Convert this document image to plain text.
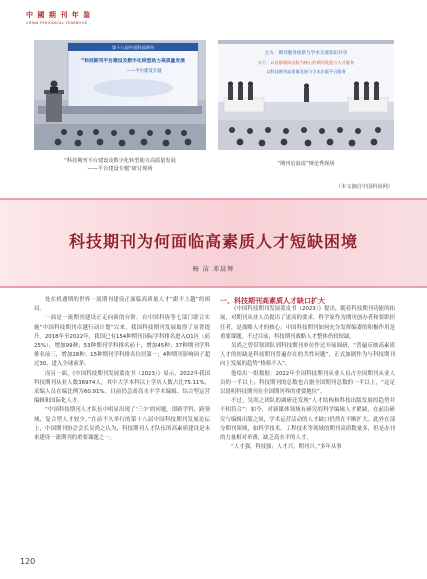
中 國 期 刊 年 鉴
CHINA PERIODICAL YEARBOOK
第十八届中国科技期刊
“科技期刊平台建设及数字化转型助力高质量发展
——平台建设专题
主方：期刊服务创新与学术交流知识共享
实力：以首都新闻出版为核心的期刊发展与人才服务
以科技期刊高质量发展与学术出版平台服务
“科技期刊平台建设及数字化转型助力高质量发展
——平台建设专题”研讨现场
“期刊启浪说”辩论秀现场
（本文摘自中国科协网）
科技期刊为何面临高素质人才短缺困境
杨 洁 邓晨辉

处在机遇期的世界一流期刊建设正面临高质量人才“跟不上趟”的困局。

一面是一流期刊建设正走向新的台阶。自中国科协等七部门联合实施“中国科技期刊卓越行动计划”以来，我国科技期刊发展取得了显著提升。2018年至2022年，我国已有154种期刊国际学科排名进入Q1区（前25%），增加99种；53种期刊学科排名前十，增加45种；37种期刊学科排名前三，增加28种；15种期刊学科排名位居第一；4种期刊影响因子超过30，进入全球前茅。

而另一面，《中国科技期刊发展蓝皮书（2023）》显示，2022年我国科技期刊从业人数36974人，其中大学本科以上学历人数占比75.11%，采编人员在编比例为60.91%。目前仍急需高水平学术编辑、综合型运营编辑和国际化人才。

“中国科技期刊人才队伍中明显出现了‘三少’的问题，即跨学科、跨领域、复合型人才较少。”在前不久举行的第十八届中国科技期刊发展论坛上，中国期刊协会会长吴尚之认为，科技期刊人才队伍的高素质建设是未来建设一流期刊的重要课题之一。

一、科技期刊高素质人才缺口扩大

《中国科技期刊发展蓝皮书（2023）》提出，随着科技期刊功能的拓展，对期刊从业人员提出了更高的要求。科学家作为期刊创办者和要职担任者，是战略人才的核心。中国科技期刊如何充分发挥编委的积极作用是重要课题。不过目前，科技期刊战略人才整体仍较短缺。

吴尚之曾带领团队到科技期刊单位作过开展调研，“普遍反映高素质人才的短缺是科技期刊普遍存在的共性问题”，正式加剧作为与科技期刊向上发展的趋势“格格不入”。

他给出一组数据：2022年全国科技期刊从业人员占全国期刊从业人员的一半以上；科技期刊的总数也占据全国期刊总数的一半以上，“这足以说明科技期刊在全国期刊界的重要地位”。

不过，吴尚之团队的调研还发现“人才结构和科技出版发展的趋势并不相符合”：如今，对新媒体领域有研究的科学编辑人才紧缺，在前沿研究与编辑出版之间，学术运营活动的人才缺口仍然在不断扩大。此外在部分期刊领域，如科学技术、工程技术等领域的期刊高质数量多，但是办刊的力量相对单薄，缺乏高水平的人才。

“人才强，科技强；人才兴，期刊兴。”多年从事

120
